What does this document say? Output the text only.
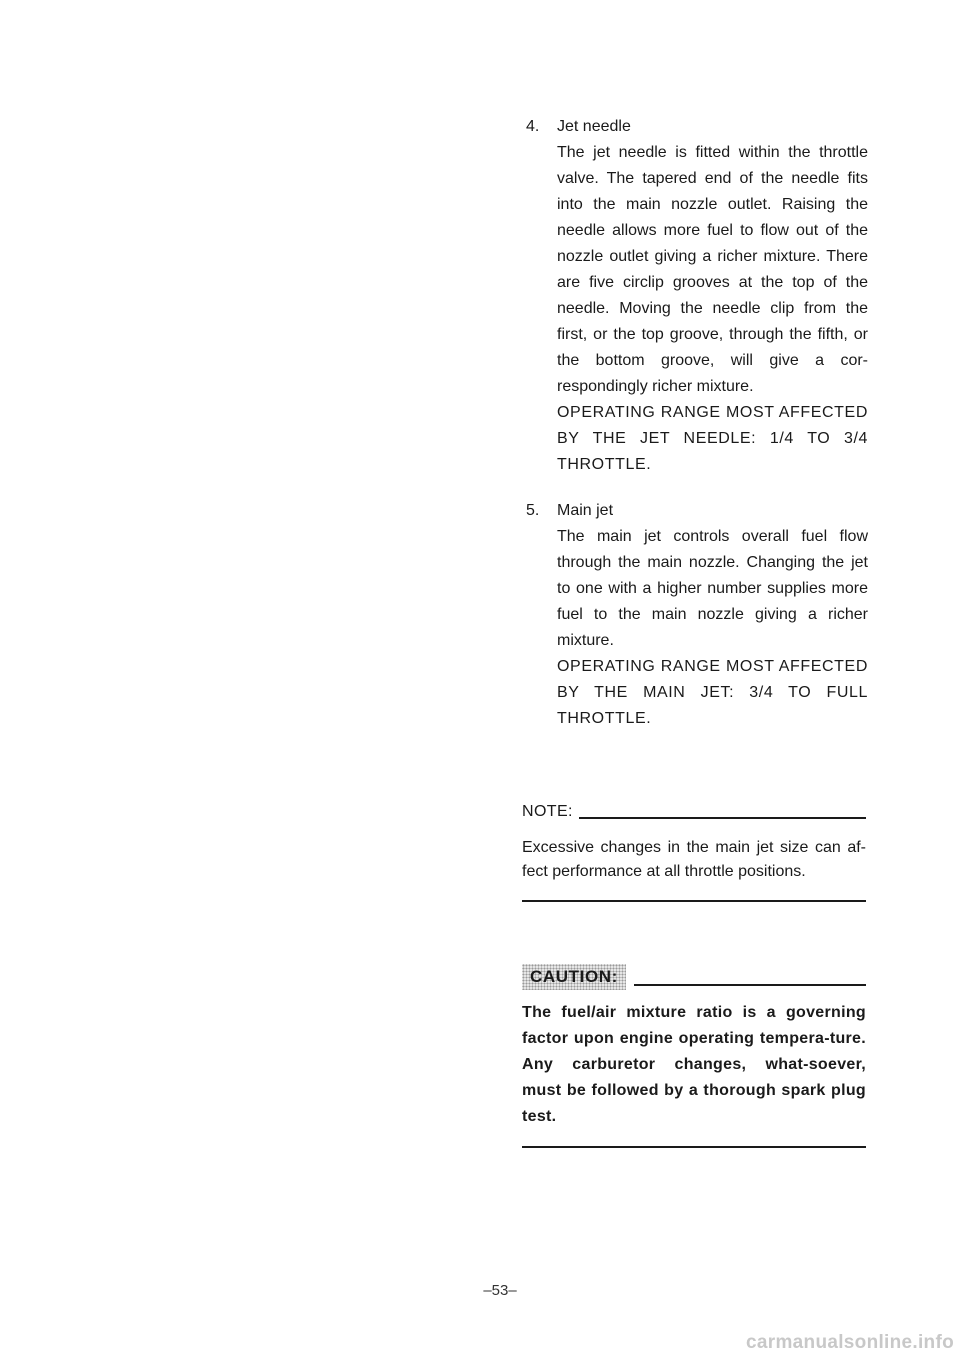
4. Jet needle
The jet needle is fitted within the throttle valve. The tapered end of the needle fits into the main nozzle outlet. Raising the needle allows more fuel to flow out of the nozzle outlet giving a richer mixture. There are five circlip grooves at the top of the needle. Moving the needle clip from the first, or the top groove, through the fifth, or the bottom groove, will give a cor-respondingly richer mixture.
OPERATING RANGE MOST AFFECTED BY THE JET NEEDLE: 1/4 TO 3/4 THROTTLE.
5. Main jet
The main jet controls overall fuel flow through the main nozzle. Changing the jet to one with a higher number supplies more fuel to the main nozzle giving a richer mixture.
OPERATING RANGE MOST AFFECTED BY THE MAIN JET: 3/4 TO FULL THROTTLE.
NOTE:
Excessive changes in the main jet size can af-fect performance at all throttle positions.
CAUTION:
The fuel/air mixture ratio is a governing factor upon engine operating tempera-ture. Any carburetor changes, what-soever, must be followed by a thorough spark plug test.
–53–
carmanualsonline.info
